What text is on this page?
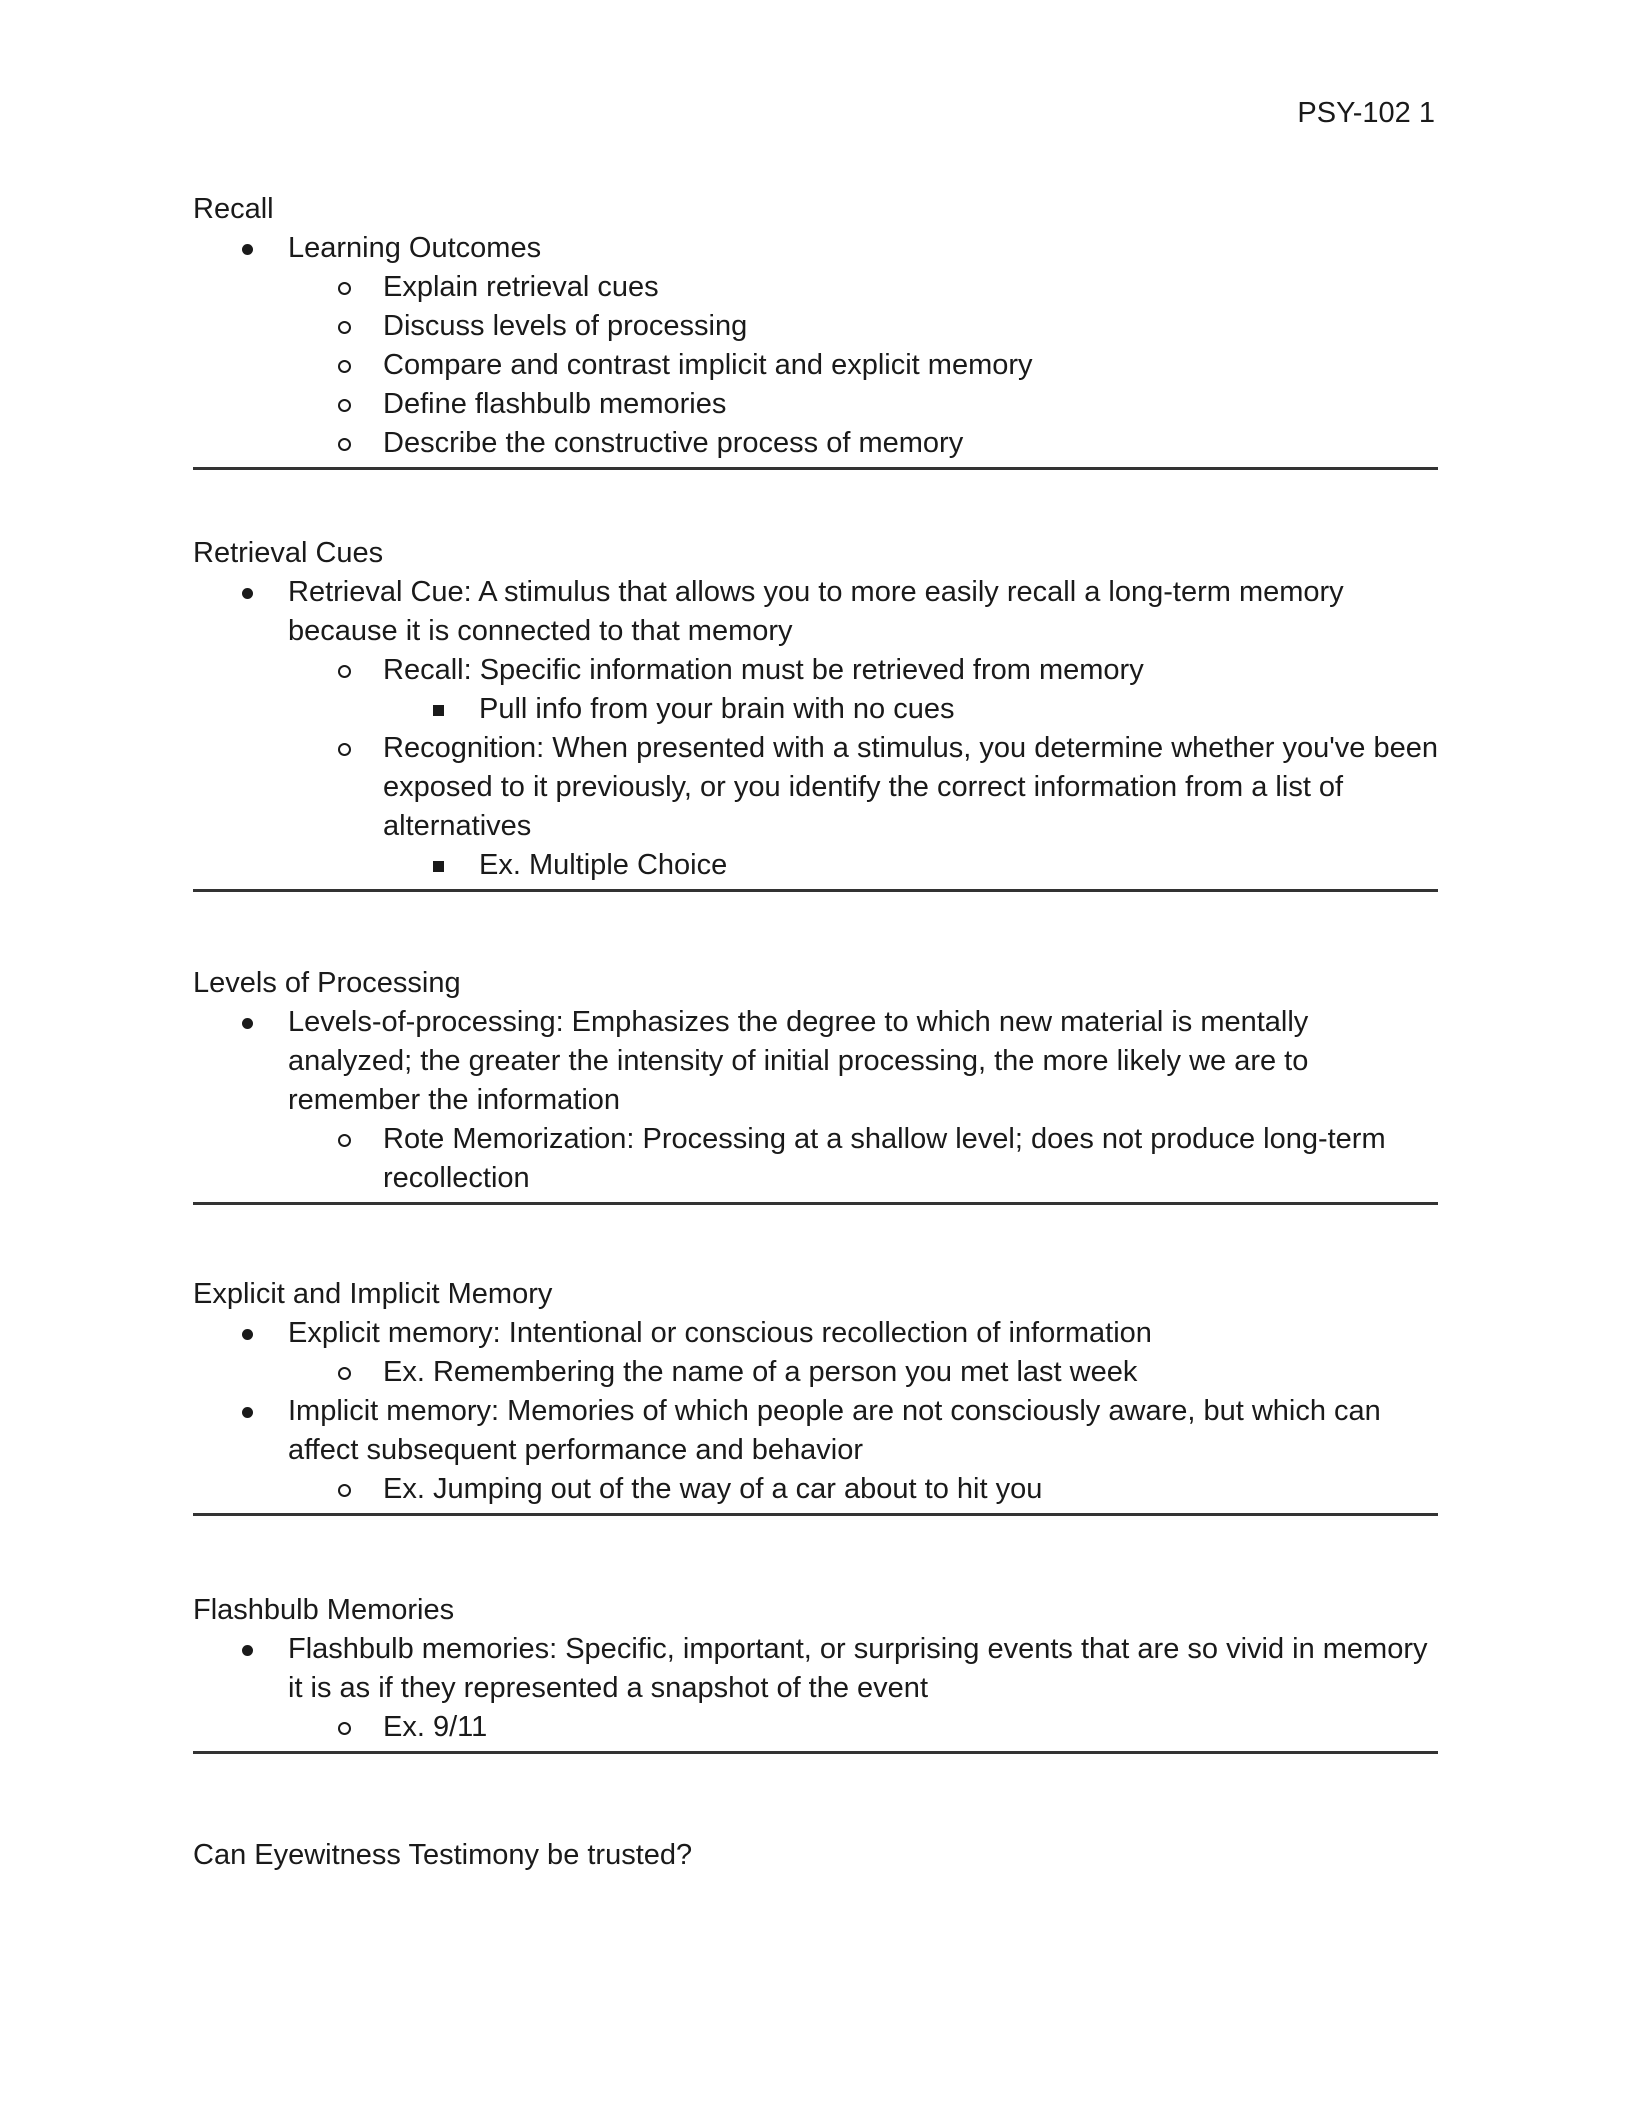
PSY-102 1
Recall
Learning Outcomes
Explain retrieval cues
Discuss levels of processing
Compare and contrast implicit and explicit memory
Define flashbulb memories
Describe the constructive process of memory
Retrieval Cues
Retrieval Cue: A stimulus that allows you to more easily recall a long-term memory because it is connected to that memory
Recall: Specific information must be retrieved from memory
Pull info from your brain with no cues
Recognition: When presented with a stimulus, you determine whether you've been exposed to it previously, or you identify the correct information from a list of alternatives
Ex. Multiple Choice
Levels of Processing
Levels-of-processing: Emphasizes the degree to which new material is mentally analyzed; the greater the intensity of initial processing, the more likely we are to remember the information
Rote Memorization: Processing at a shallow level; does not produce long-term recollection
Explicit and Implicit Memory
Explicit memory: Intentional or conscious recollection of information
Ex. Remembering the name of a person you met last week
Implicit memory: Memories of which people are not consciously aware, but which can affect subsequent performance and behavior
Ex. Jumping out of the way of a car about to hit you
Flashbulb Memories
Flashbulb memories: Specific, important, or surprising events that are so vivid in memory it is as if they represented a snapshot of the event
Ex. 9/11
Can Eyewitness Testimony be trusted?
